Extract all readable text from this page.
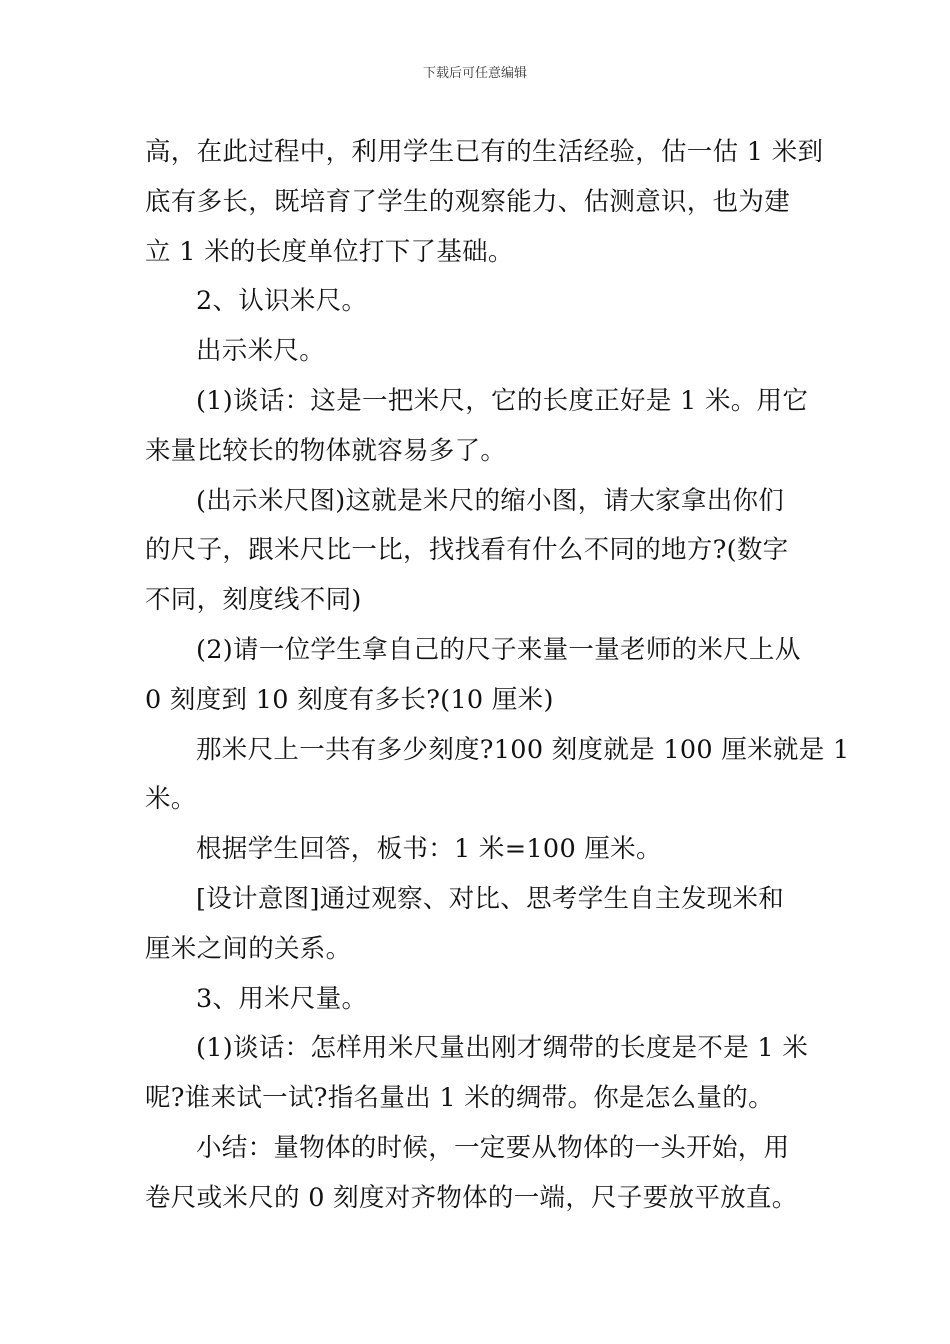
下载后可任意编辑
高，在此过程中，利用学生已有的生活经验，估一估 1 米到
底有多长，既培育了学生的观察能力、估测意识，也为建
立 1 米的长度单位打下了基础。
2、认识米尺。
出示米尺。
(1)谈话：这是一把米尺，它的长度正好是 1 米。用它
来量比较长的物体就容易多了。
(出示米尺图)这就是米尺的缩小图，请大家拿出你们
的尺子，跟米尺比一比，找找看有什么不同的地方?(数字
不同，刻度线不同)
(2)请一位学生拿自己的尺子来量一量老师的米尺上从
0 刻度到 10 刻度有多长?(10 厘米)
那米尺上一共有多少刻度?100 刻度就是 100 厘米就是 1
米。
根据学生回答，板书：1 米=100 厘米。
[设计意图]通过观察、对比、思考学生自主发现米和
厘米之间的关系。
3、用米尺量。
(1)谈话：怎样用米尺量出刚才绸带的长度是不是 1 米
呢?谁来试一试?指名量出 1 米的绸带。你是怎么量的。
小结：量物体的时候，一定要从物体的一头开始，用
卷尺或米尺的 0 刻度对齐物体的一端，尺子要放平放直。
